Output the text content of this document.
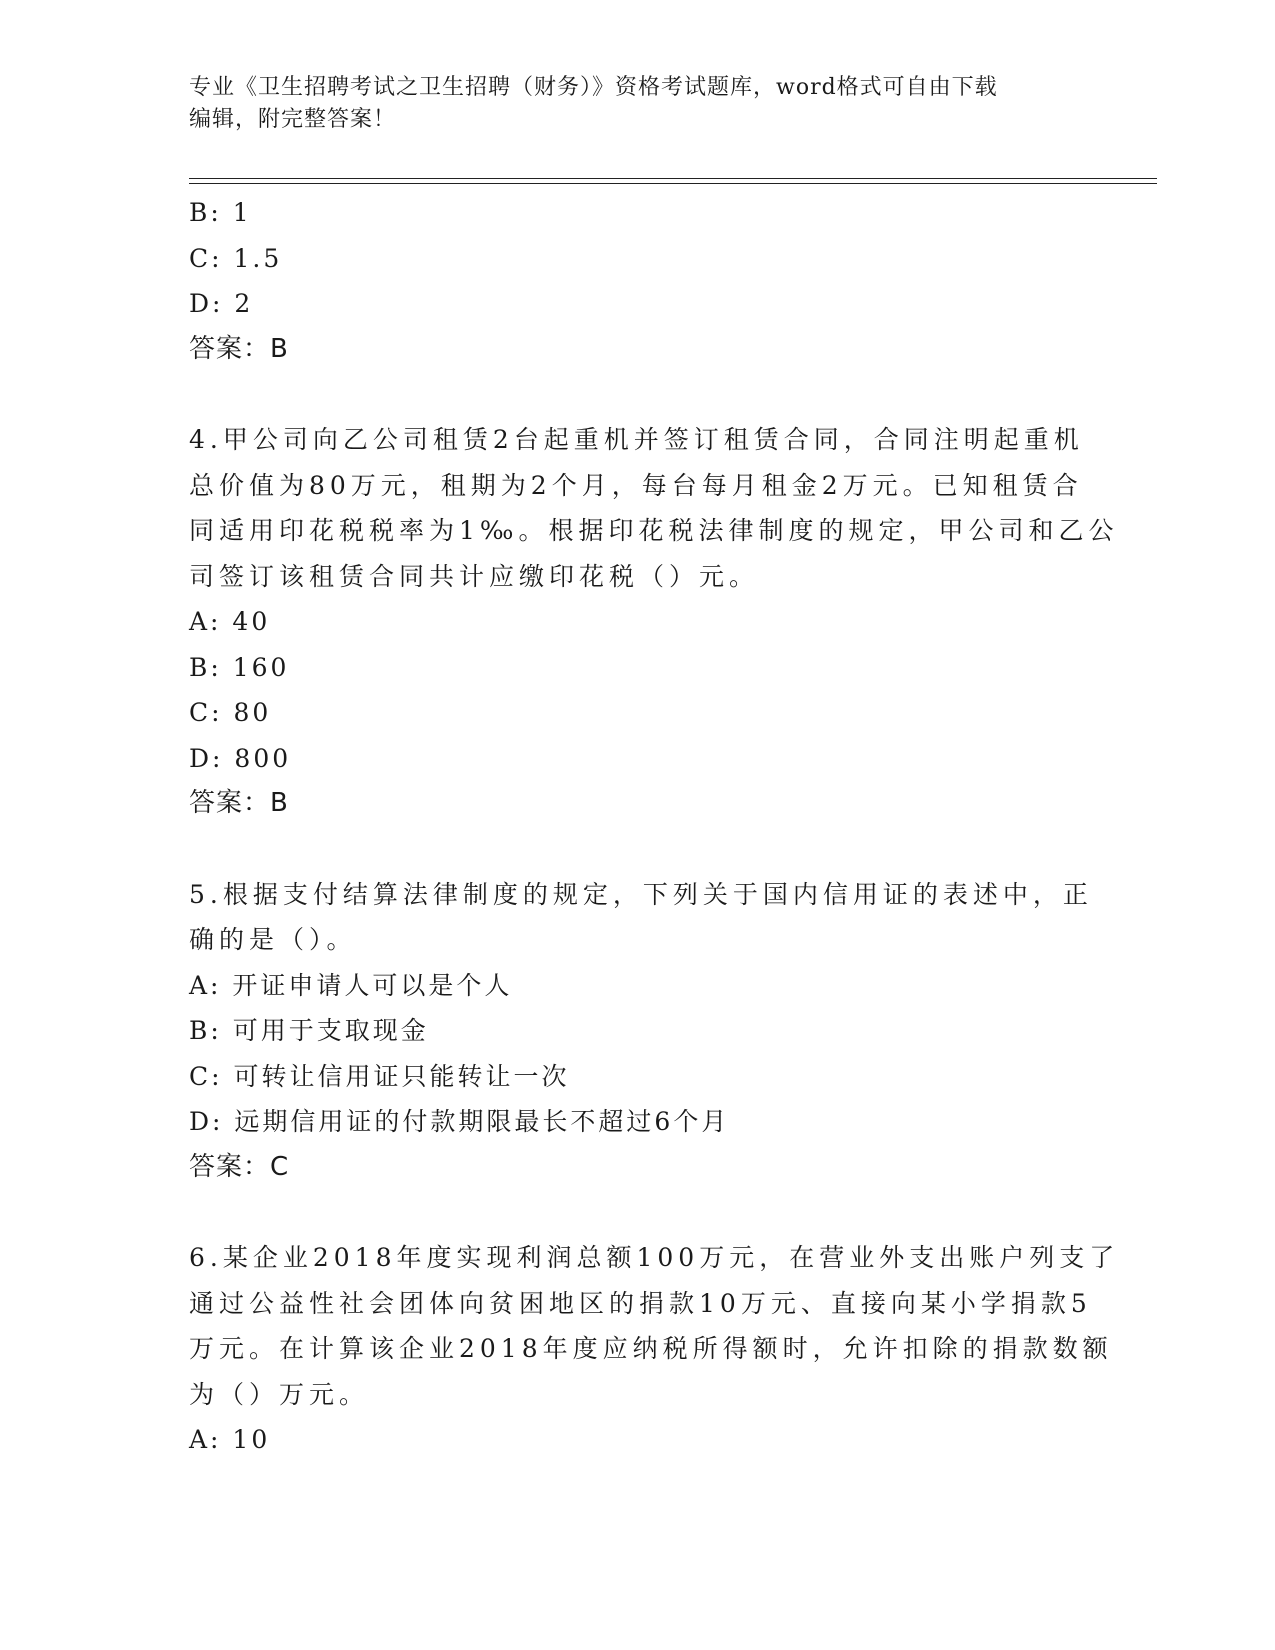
专业《卫生招聘考试之卫生招聘（财务）》资格考试题库，word格式可自由下载
编辑，附完整答案！
B: 1
C: 1.5
D: 2
答案：B
4.甲公司向乙公司租赁2台起重机并签订租赁合同，合同注明起重机
总价值为80万元，租期为2个月，每台每月租金2万元。已知租赁合
同适用印花税税率为1‰。根据印花税法律制度的规定，甲公司和乙公
司签订该租赁合同共计应缴印花税（）元。
A: 40
B: 160
C: 80
D: 800
答案：B
5.根据支付结算法律制度的规定，下列关于国内信用证的表述中，正
确的是（）。
A: 开证申请人可以是个人
B: 可用于支取现金
C: 可转让信用证只能转让一次
D: 远期信用证的付款期限最长不超过6个月
答案：C
6.某企业2018年度实现利润总额100万元，在营业外支出账户列支了
通过公益性社会团体向贫困地区的捐款10万元、直接向某小学捐款5
万元。在计算该企业2018年度应纳税所得额时，允许扣除的捐款数额
为（）万元。
A: 10
